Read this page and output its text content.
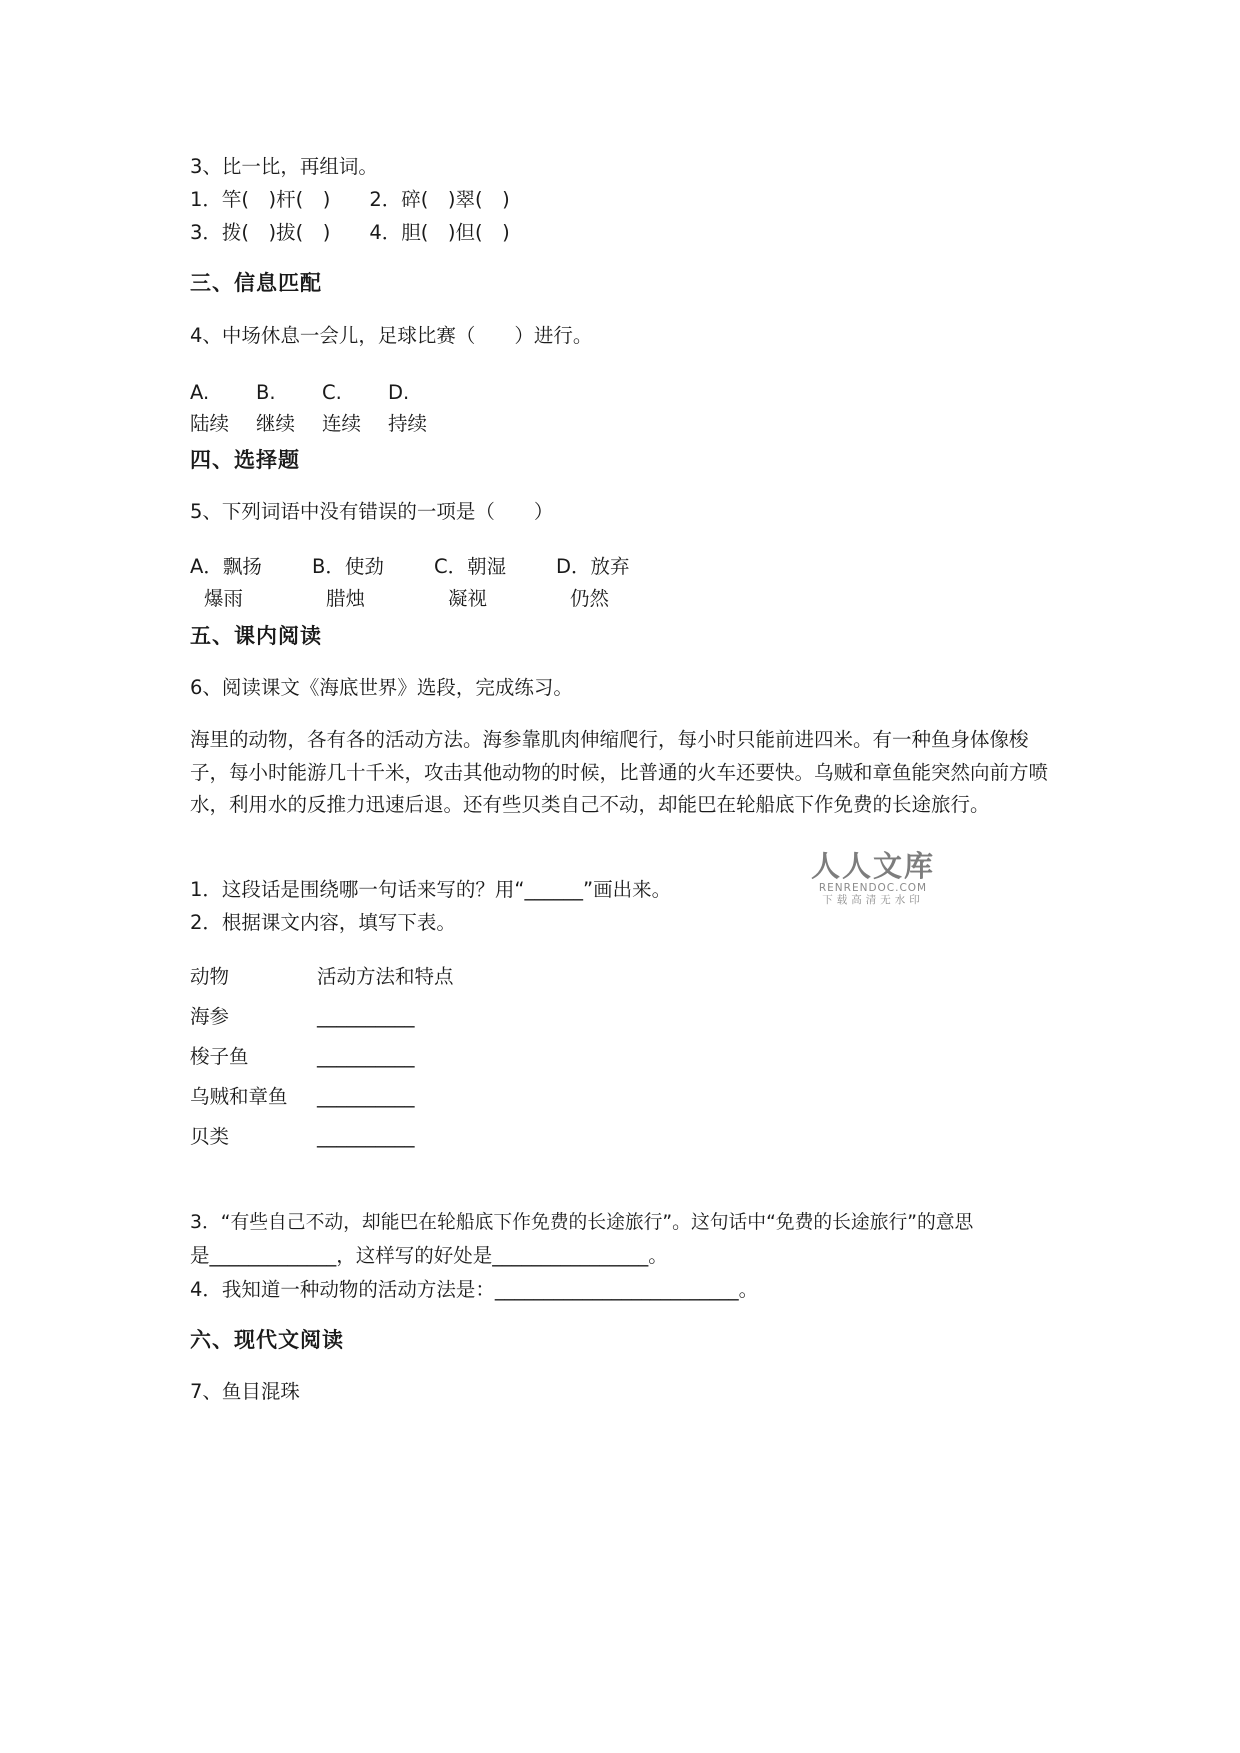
3、比一比，再组词。
1．竿(　)杆(　)　　2．碎(　)翠(　)
3．拨(　)拔(　)　　4．胆(　)但(　)
三、信息匹配
4、中场休息一会儿，足球比赛（　　）进行。
A. B. C. D.
陆续 继续 连续 持续
四、选择题
5、下列词语中没有错误的一项是（　　）
A．飘扬	B．使劲	C．朝湿	D．放弃
爆雨	腊烛	凝视	仍然
五、课内阅读
6、阅读课文《海底世界》选段，完成练习。
海里的动物，各有各的活动方法。海参靠肌肉伸缩爬行，每小时只能前进四米。有一种鱼身体像梭子，每小时能游几十千米，攻击其他动物的时候，比普通的火车还要快。乌贼和章鱼能突然向前方喷水，利用水的反推力迅速后退。还有些贝类自己不动，却能巴在轮船底下作免费的长途旅行。
1．这段话是围绕哪一句话来写的？用“______”画出来。
2．根据课文内容，填写下表。
动物	活动方法和特点
海参	__________
梭子鱼	__________
乌贼和章鱼 __________
贝类	__________
3．“有些自己不动，却能巴在轮船底下作免费的长途旅行”。这句话中“免费的长途旅行”的意思
是_____________，这样写的好处是________________。
4．我知道一种动物的活动方法是：_________________________。
六、现代文阅读
7、鱼目混珠
人人文库
RENRENDOC.COM
下载高清无水印
